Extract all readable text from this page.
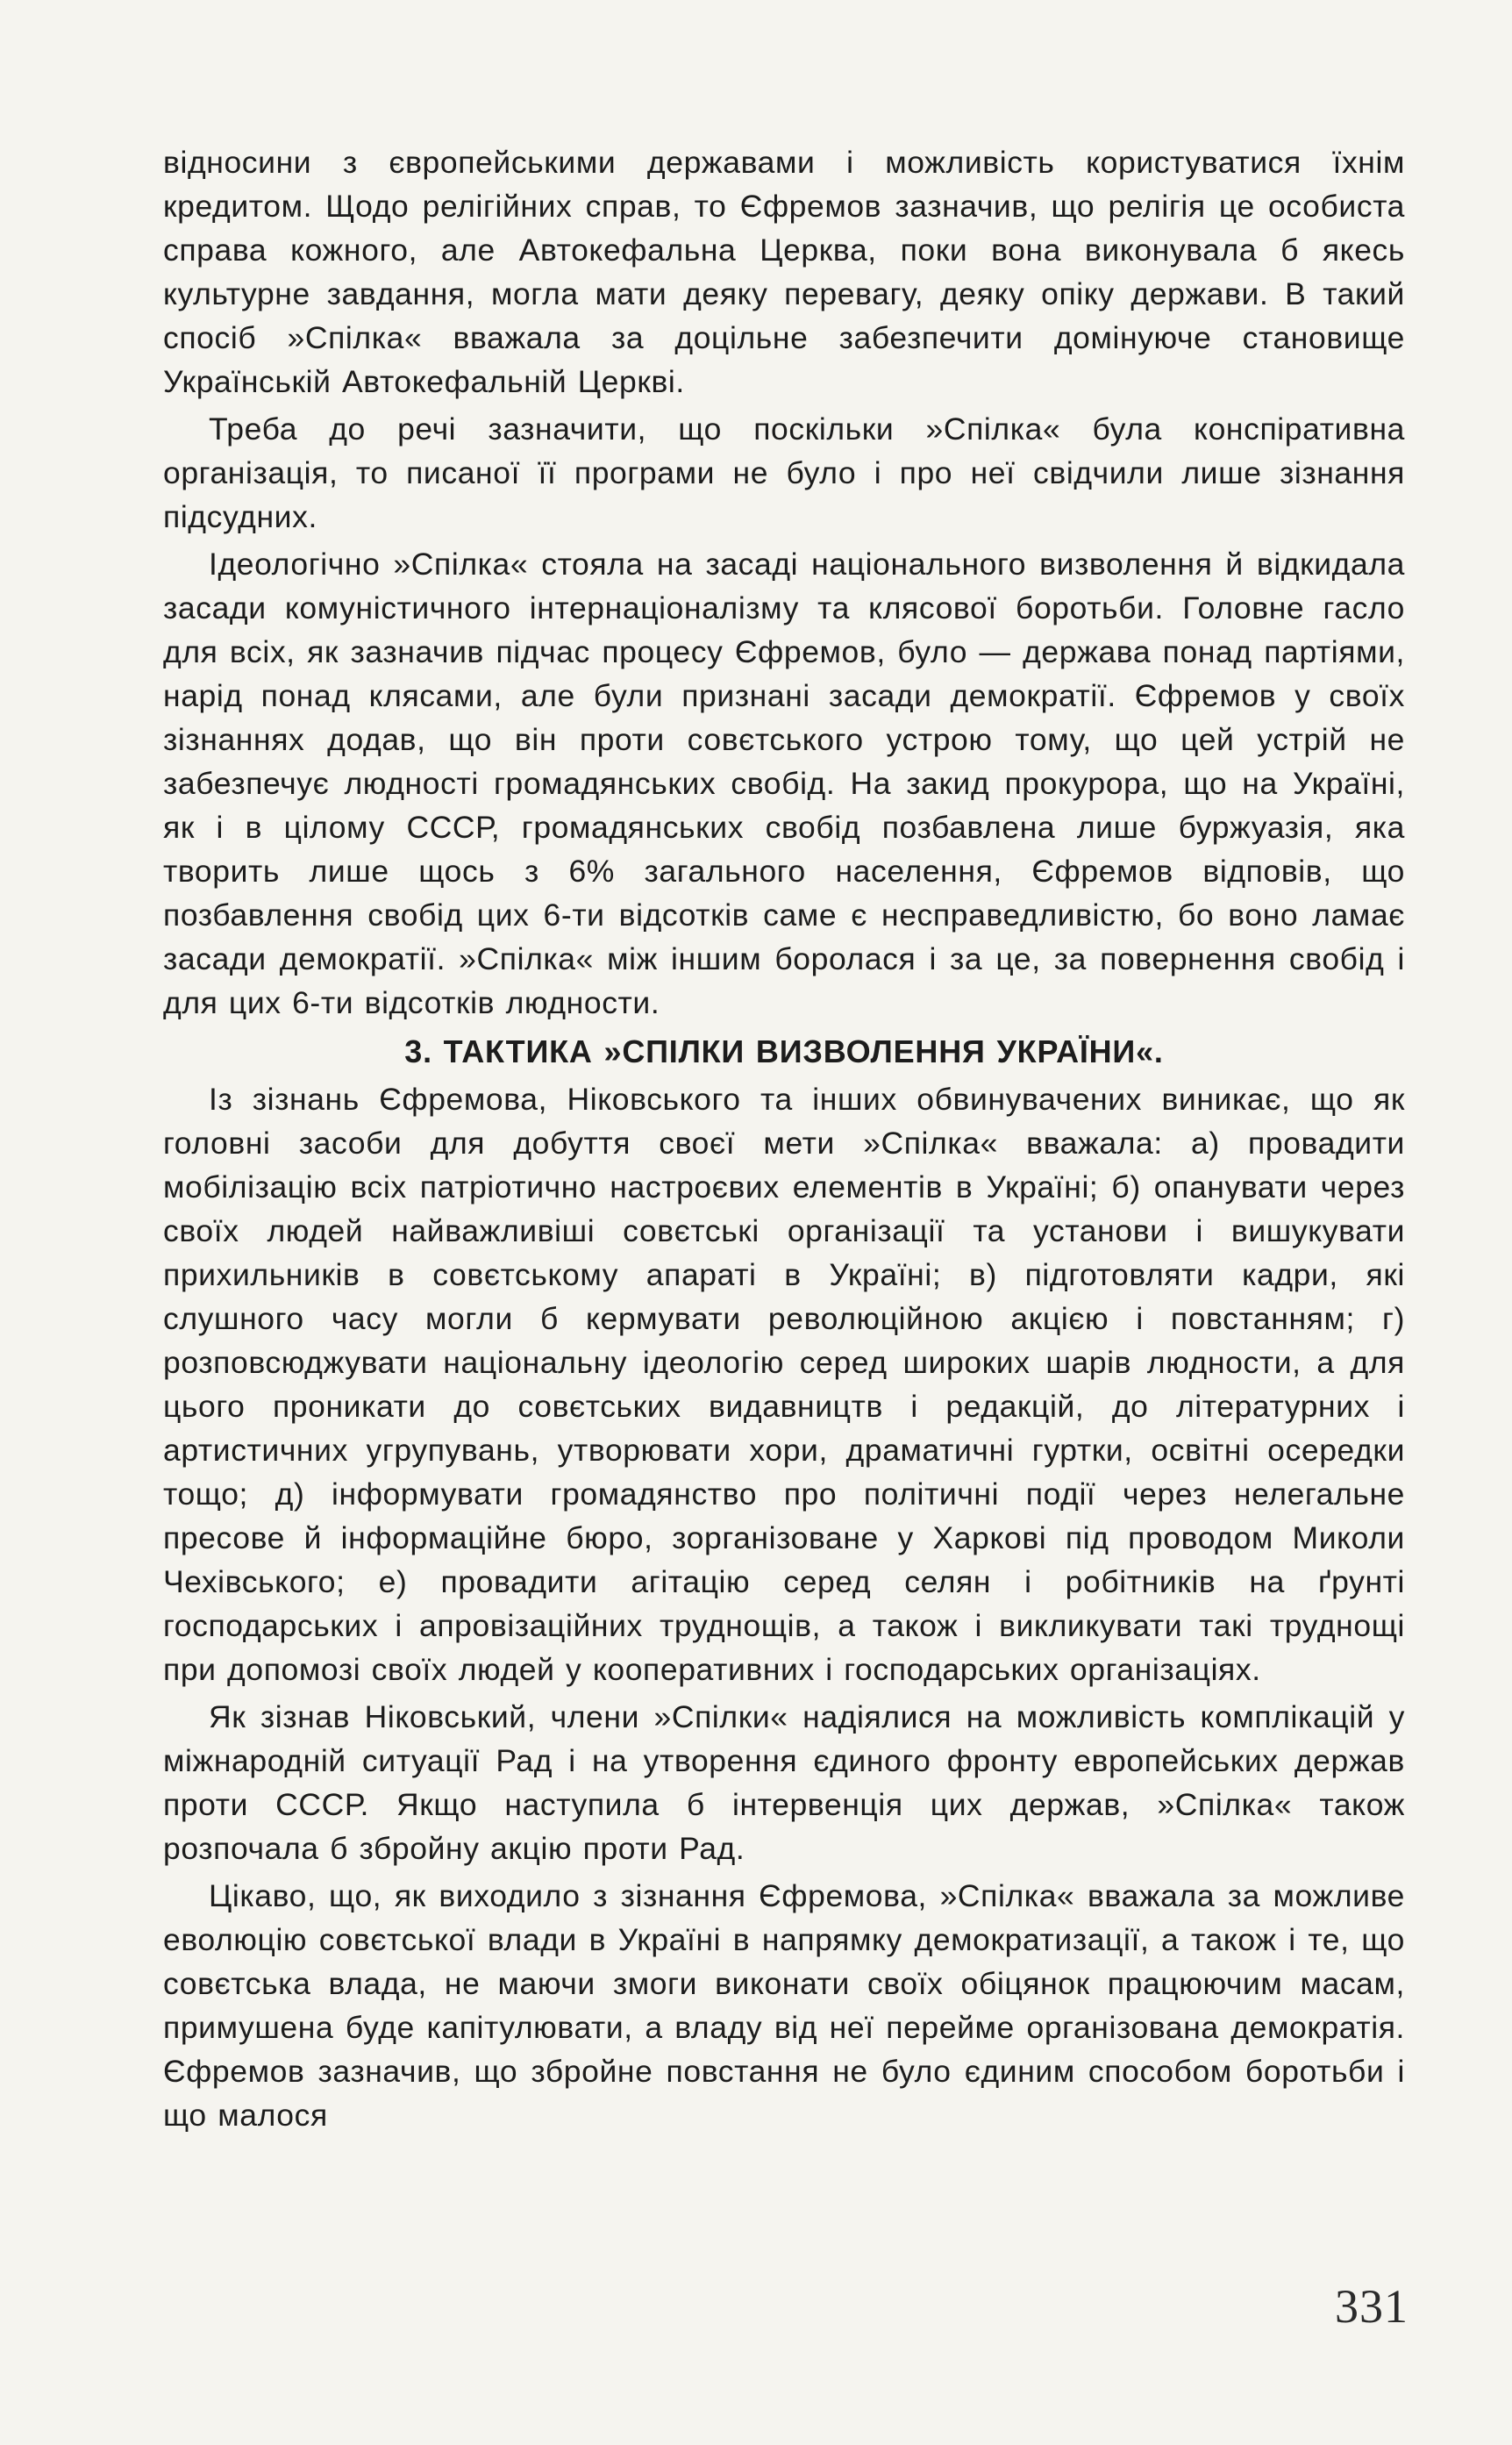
відносини з європейськими державами і можливість користуватися їхнім кредитом. Щодо релігійних справ, то Єфремов зазначив, що релігія це особиста справа кожного, але Автокефальна Церква, поки вона виконувала б якесь культурне завдання, могла мати деяку перевагу, деяку опіку держави. В такий спосіб »Спілка« вважала за доцільне забезпечити домінуюче становище Українській Автокефальній Церкві.

Треба до речі зазначити, що поскільки »Спілка« була конспіративна організація, то писаної її програми не було і про неї свідчили лише зізнання підсудних.

Ідеологічно »Спілка« стояла на засаді національного визволення й відкидала засади комуністичного інтернаціоналізму та клясової боротьби. Головне гасло для всіх, як зазначив підчас процесу Єфремов, було — держава понад партіями, нарід понад клясами, але були признані засади демократії. Єфремов у своїх зізнаннях додав, що він проти совєтського устрою тому, що цей устрій не забезпечує людності громадянських свобід. На закид прокурора, що на Україні, як і в цілому СССР, громадянських свобід позбавлена лише буржуазія, яка творить лише щось з 6% загального населення, Єфремов відповів, що позбавлення свобід цих 6-ти відсотків саме є несправедливістю, бо воно ламає засади демократії. »Спілка« між іншим боролася і за це, за повернення свобід і для цих 6-ти відсотків людности.

3. ТАКТИКА »СПІЛКИ ВИЗВОЛЕННЯ УКРАЇНИ«.

Із зізнань Єфремова, Ніковського та інших обвинувачених виникає, що як головні засоби для добуття своєї мети »Спілка« вважала: а) провадити мобілізацію всіх патріотично настроєвих елементів в Україні; б) опанувати через своїх людей найважливіші совєтські організації та установи і вишукувати прихильників в совєтському апараті в Україні; в) підготовляти кадри, які слушного часу могли б кермувати революційною акцією і повстанням; г) розповсюджувати національну ідеологію серед широких шарів людности, а для цього проникати до совєтських видавництв і редакцій, до літературних і артистичних угрупувань, утворювати хори, драматичні гуртки, освітні осередки тощо; д) інформувати громадянство про політичні події через нелегальне пресове й інформаційне бюро, зорганізоване у Харкові під проводом Миколи Чехівського; е) провадити агітацію серед селян і робітників на ґрунті господарських і апровізаційних труднощів, а також і викликувати такі труднощі при допомозі своїх людей у кооперативних і господарських організаціях.

Як зізнав Ніковський, члени »Спілки« надіялися на можливість комплікацій у міжнародній ситуації Рад і на утворення єдиного фронту европейських держав проти СССР. Якщо наступила б інтервенція цих держав, »Спілка« також розпочала б збройну акцію проти Рад.

Цікаво, що, як виходило з зізнання Єфремова, »Спілка« вважала за можливе еволюцію совєтської влади в Україні в напрямку демократизації, а також і те, що совєтська влада, не маючи змоги виконати своїх обіцянок працюючим масам, примушена буде капітулювати, а владу від неї перейме організована демократія. Єфремов зазначив, що збройне повстання не було єдиним способом боротьби і що малося

331
